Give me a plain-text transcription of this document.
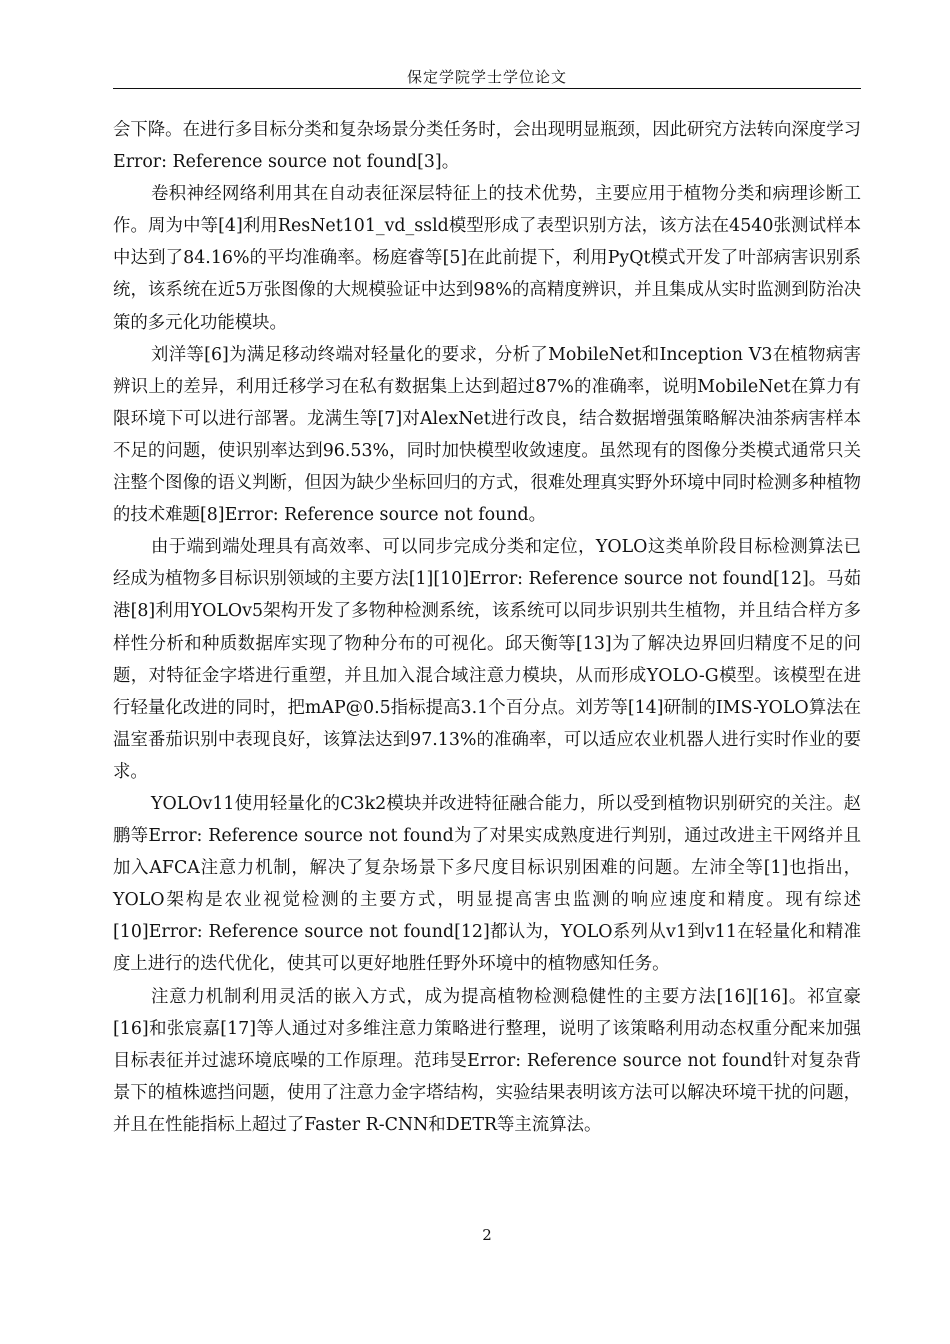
保定学院学士学位论文

会下降。在进行多目标分类和复杂场景分类任务时，会出现明显瓶颈，因此研究方法转向深度学习Error: Reference source not found[3]。

卷积神经网络利用其在自动表征深层特征上的技术优势，主要应用于植物分类和病理诊断工作。周为中等[4]利用ResNet101_vd_ssld模型形成了表型识别方法，该方法在4540张测试样本中达到了84.16%的平均准确率。杨庭睿等[5]在此前提下，利用PyQt模式开发了叶部病害识别系统，该系统在近5万张图像的大规模验证中达到98%的高精度辨识，并且集成从实时监测到防治决策的多元化功能模块。

刘洋等[6]为满足移动终端对轻量化的要求，分析了MobileNet和Inception V3在植物病害辨识上的差异，利用迁移学习在私有数据集上达到超过87%的准确率，说明MobileNet在算力有限环境下可以进行部署。龙满生等[7]对AlexNet进行改良，结合数据增强策略解决油茶病害样本不足的问题，使识别率达到96.53%，同时加快模型收敛速度。虽然现有的图像分类模式通常只关注整个图像的语义判断，但因为缺少坐标回归的方式，很难处理真实野外环境中同时检测多种植物的技术难题[8]Error: Reference source not found。

由于端到端处理具有高效率、可以同步完成分类和定位，YOLO这类单阶段目标检测算法已经成为植物多目标识别领域的主要方法[1][10]Error: Reference source not found[12]。马茹港[8]利用YOLOv5架构开发了多物种检测系统，该系统可以同步识别共生植物，并且结合样方多样性分析和种质数据库实现了物种分布的可视化。邱天衡等[13]为了解决边界回归精度不足的问题，对特征金字塔进行重塑，并且加入混合域注意力模块，从而形成YOLO-G模型。该模型在进行轻量化改进的同时，把mAP@0.5指标提高3.1个百分点。刘芳等[14]研制的IMS-YOLO算法在温室番茄识别中表现良好，该算法达到97.13%的准确率，可以适应农业机器人进行实时作业的要求。

YOLOv11使用轻量化的C3k2模块并改进特征融合能力，所以受到植物识别研究的关注。赵鹏等Error: Reference source not found为了对果实成熟度进行判别，通过改进主干网络并且加入AFCA注意力机制，解决了复杂场景下多尺度目标识别困难的问题。左沛全等[1]也指出，YOLO架构是农业视觉检测的主要方式，明显提高害虫监测的响应速度和精度。现有综述[10]Error: Reference source not found[12]都认为，YOLO系列从v1到v11在轻量化和精准度上进行的迭代优化，使其可以更好地胜任野外环境中的植物感知任务。

注意力机制利用灵活的嵌入方式，成为提高植物检测稳健性的主要方法[16][16]。祁宣豪[16]和张宸嘉[17]等人通过对多维注意力策略进行整理，说明了该策略利用动态权重分配来加强目标表征并过滤环境底噪的工作原理。范玮旻Error: Reference source not found针对复杂背景下的植株遮挡问题，使用了注意力金字塔结构，实验结果表明该方法可以解决环境干扰的问题，并且在性能指标上超过了Faster R-CNN和DETR等主流算法。

2
